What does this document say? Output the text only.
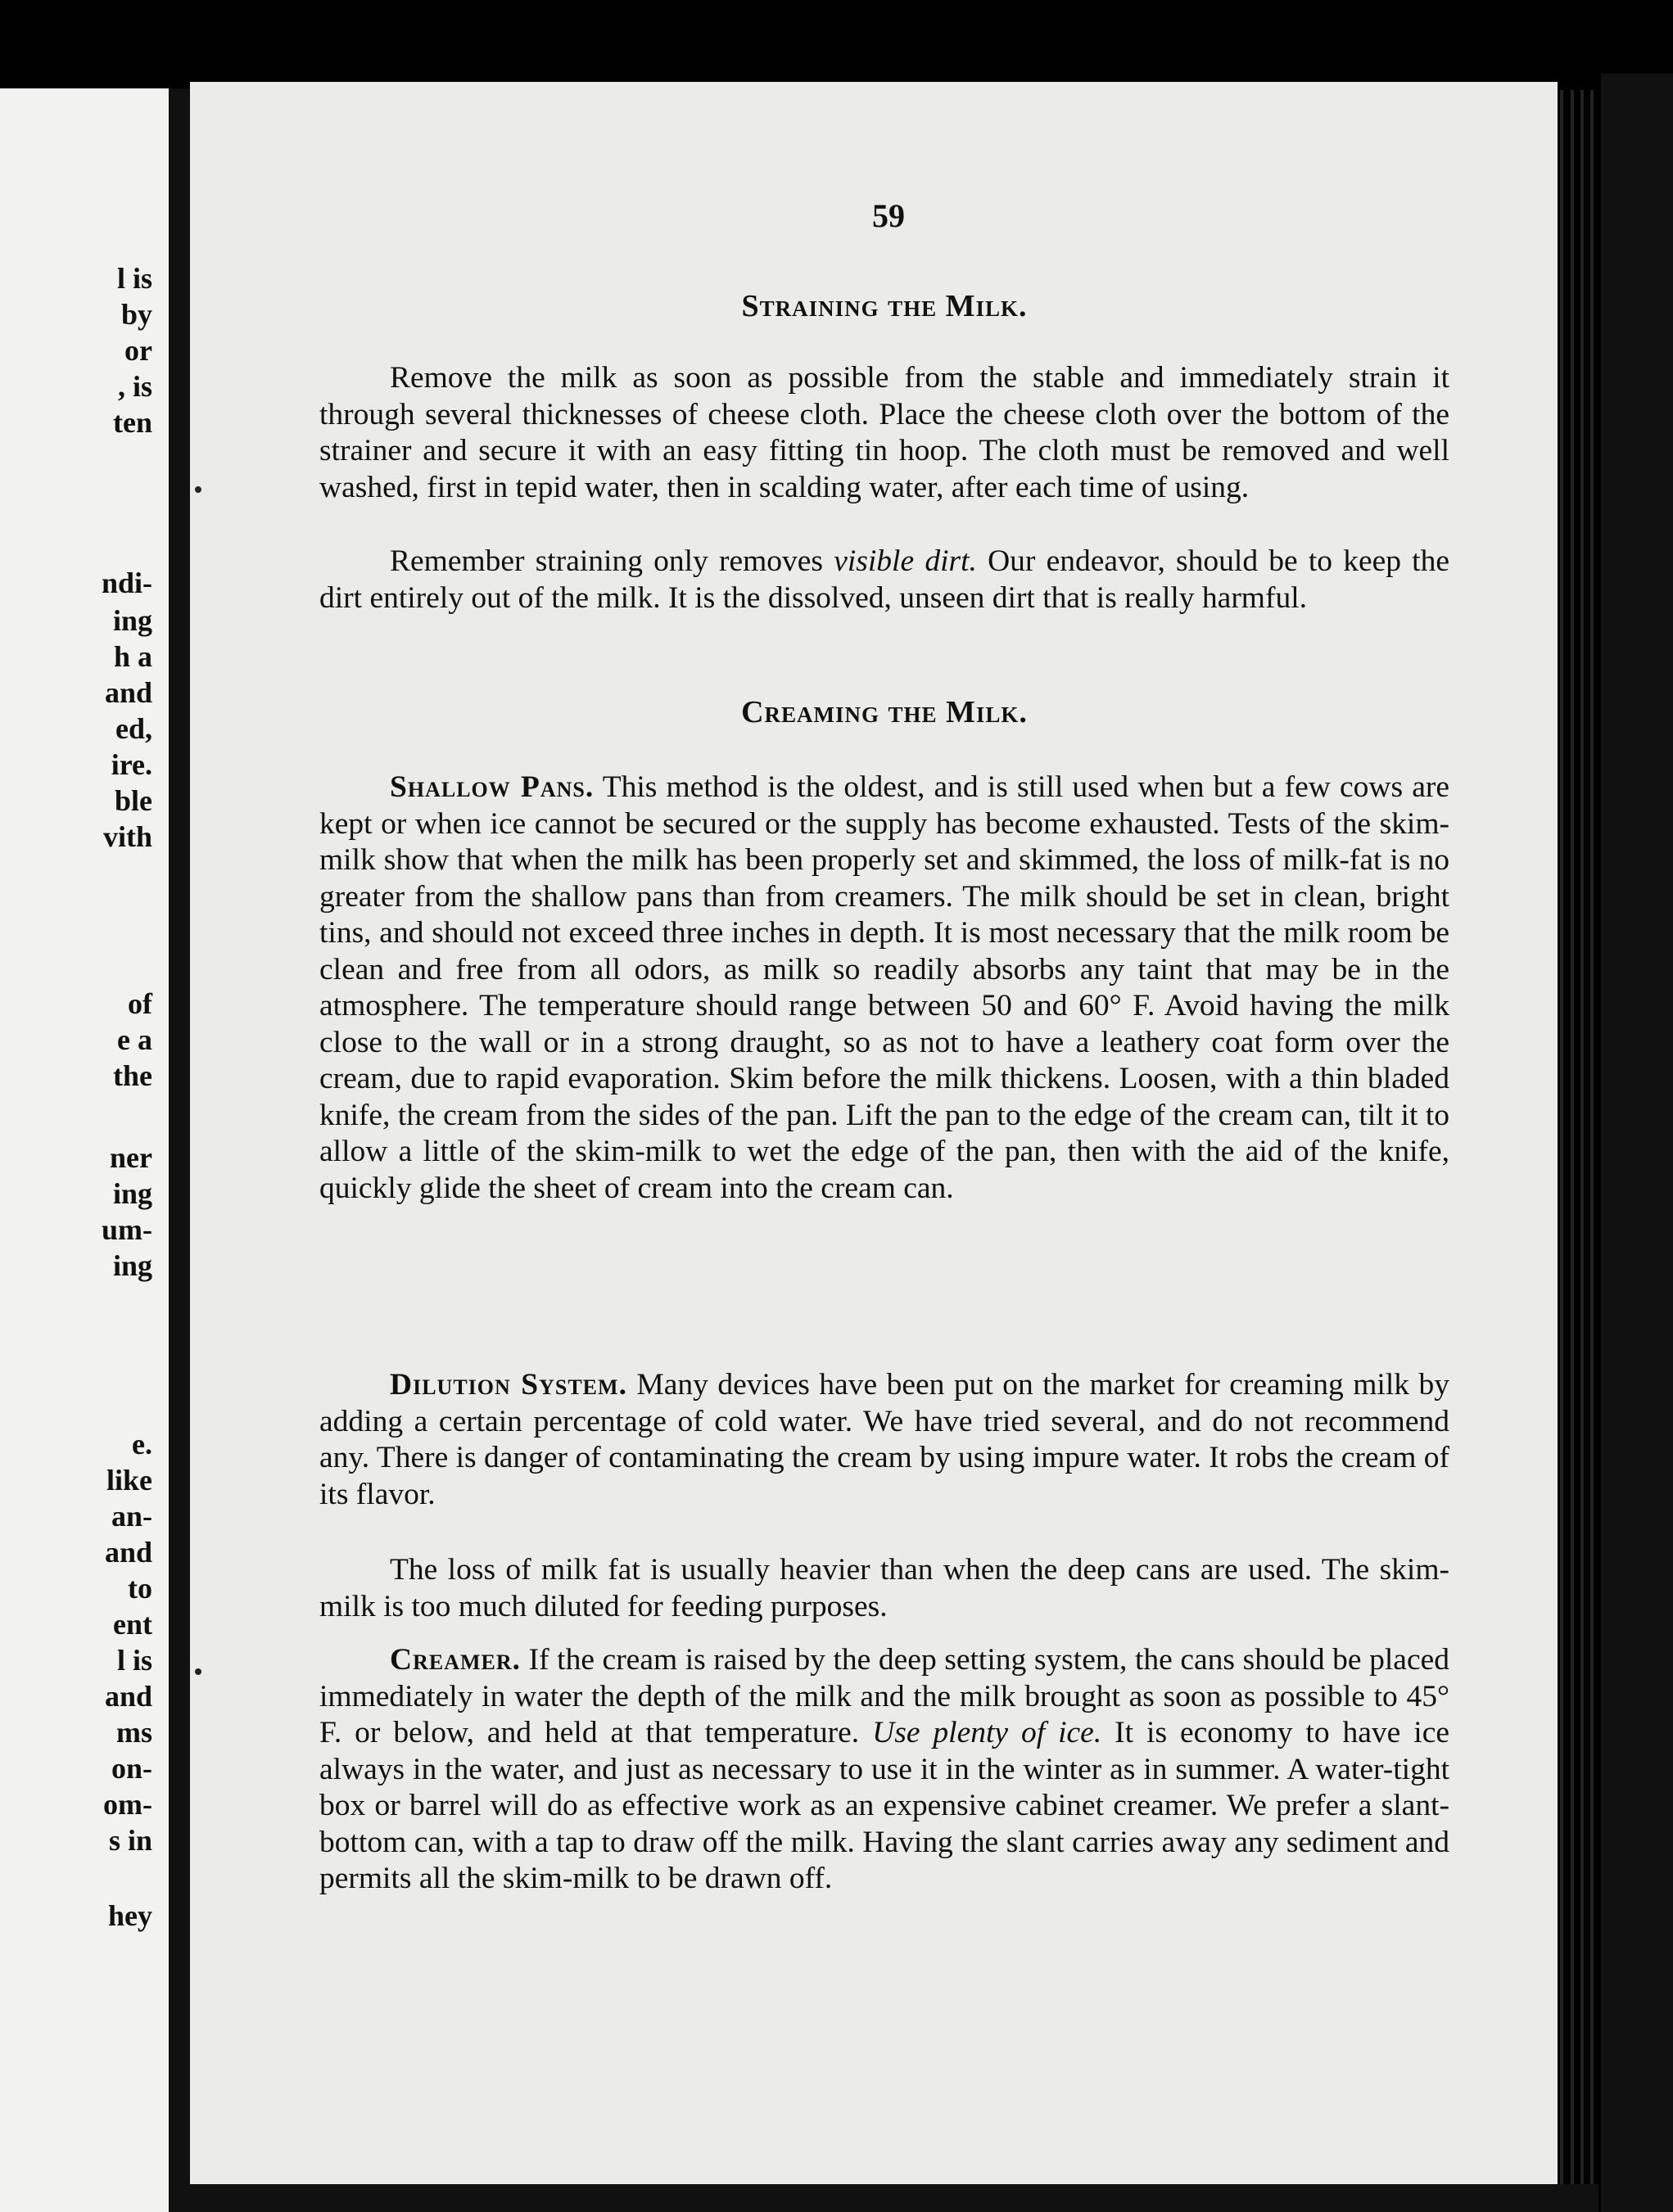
l is
by
or
, is
ten
ndi-
ing
h a
and
ed,
ire.
ble
vith
of
e a
the
ner
ing
um-
ing
e.
like
an-
and
to
ent
l is
and
ms
on-
om-
s in
hey
59
Straining the Milk.

Remove the milk as soon as possible from the stable and immediately strain it through several thicknesses of cheese cloth. Place the cheese cloth over the bottom of the strainer and secure it with an easy fitting tin hoop. The cloth must be removed and well washed, first in tepid water, then in scalding water, after each time of using.

Remember straining only removes visible dirt. Our endeavor, should be to keep the dirt entirely out of the milk. It is the dissolved, unseen dirt that is really harmful.

Creaming the Milk.

Shallow Pans. This method is the oldest, and is still used when but a few cows are kept or when ice cannot be secured or the supply has become exhausted. Tests of the skim-milk show that when the milk has been properly set and skimmed, the loss of milk-fat is no greater from the shallow pans than from creamers. The milk should be set in clean, bright tins, and should not exceed three inches in depth. It is most necessary that the milk room be clean and free from all odors, as milk so readily absorbs any taint that may be in the atmosphere. The temperature should range between 50 and 60° F. Avoid having the milk close to the wall or in a strong draught, so as not to have a leathery coat form over the cream, due to rapid evaporation. Skim before the milk thickens. Loosen, with a thin bladed knife, the cream from the sides of the pan. Lift the pan to the edge of the cream can, tilt it to allow a little of the skim-milk to wet the edge of the pan, then with the aid of the knife, quickly glide the sheet of cream into the cream can.

Dilution System. Many devices have been put on the market for creaming milk by adding a certain percentage of cold water. We have tried several, and do not recommend any. There is danger of contaminating the cream by using impure water. It robs the cream of its flavor.

The loss of milk fat is usually heavier than when the deep cans are used. The skim-milk is too much diluted for feeding purposes.

Creamer. If the cream is raised by the deep setting system, the cans should be placed immediately in water the depth of the milk and the milk brought as soon as possible to 45° F. or below, and held at that temperature. Use plenty of ice. It is economy to have ice always in the water, and just as necessary to use it in the winter as in summer. A water-tight box or barrel will do as effective work as an expensive cabinet creamer. We prefer a slant-bottom can, with a tap to draw off the milk. Having the slant carries away any sediment and permits all the skim-milk to be drawn off.
